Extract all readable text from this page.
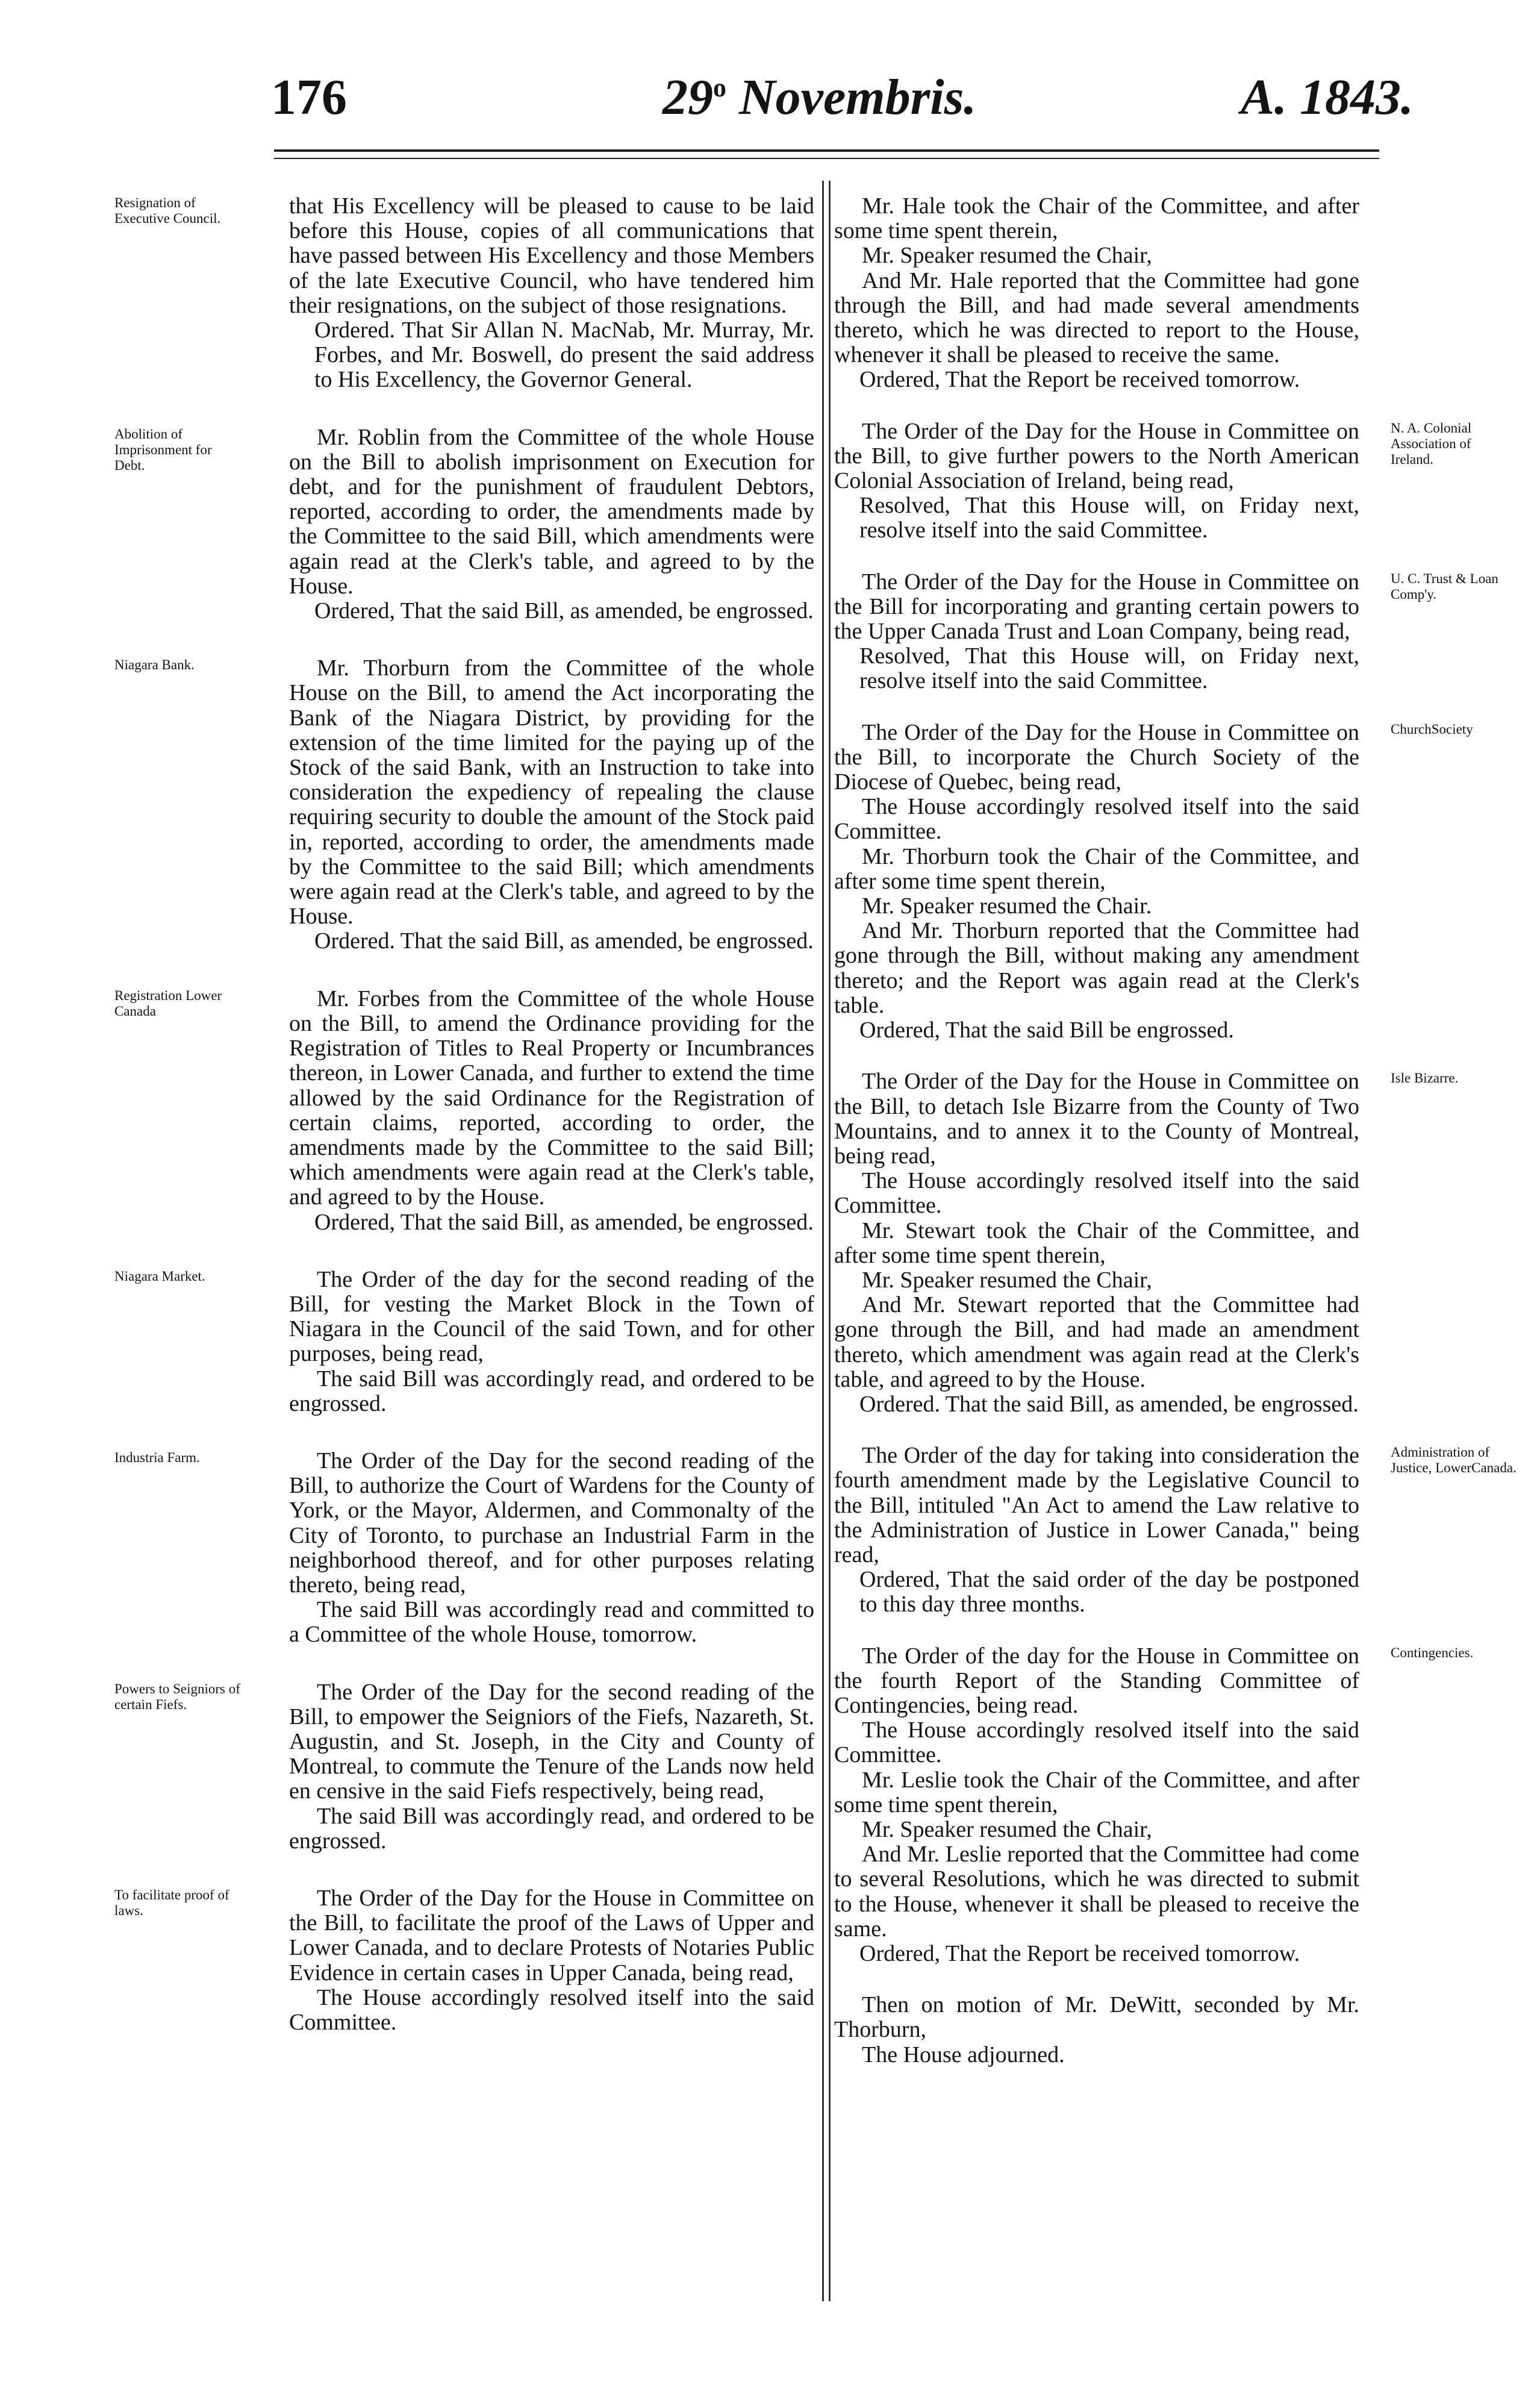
176	29$^o$ Novembris.	A. 1843.
Resignation of Executive Council.	that His Excellency will be pleased to cause to be laid before this House, copies of all communications that have passed between His Excellency and those Members of the late Executive Council, who have tendered him their resignations, on the subject of those resignations.

Ordered. That Sir Allan N. MacNab, Mr. Murray, Mr. Forbes, and Mr. Boswell, do present the said address to His Excellency, the Governor General.

Abolition of Imprisonment for Debt.

Mr. Roblin from the Committee of the whole House on the Bill to abolish imprisonment on Execution for debt, and for the punishment of fraudulent Debtors, reported, according to order, the amendments made by the Committee to the said Bill, which amendments were again read at the Clerk's table, and agreed to by the House.

Ordered, That the said Bill, as amended, be engrossed.

Niagara Bank.	Mr. Thorburn from the Committee of the whole House on the Bill, to amend the Act incorporating the Bank of the Niagara District, by providing for the extension of the time limited for the paying up of the Stock of the said Bank, with an Instruction to take into consideration the expediency of repealing the clause requiring security to double the amount of the Stock paid in, reported, according to order, the amendments made by the Committee to the said Bill; which amendments were again read at the Clerk's table, and agreed to by the House.

Ordered. That the said Bill, as amended, be engrossed.

Registration Lower Canada	Mr. Forbes from the Committee of the whole House on the Bill, to amend the Ordinance providing for the Registration of Titles to Real Property or Incumbrances thereon, in Lower Canada, and further to extend the time allowed by the said Ordinance for the Registration of certain claims, reported, according to order, the amendments made by the Committee to the said Bill; which amendments were again read at the Clerk's table, and agreed to by the House.

Ordered, That the said Bill, as amended, be engrossed.

Niagara Market.	The Order of the day for the second reading of the Bill, for vesting the Market Block in the Town of Niagara in the Council of the said Town, and for other purposes, being read,

The said Bill was accordingly read, and ordered to be engrossed.

Industria Farm.	The Order of the Day for the second reading of the Bill, to authorize the Court of Wardens for the County of York, or the Mayor, Aldermen, and Commonalty of the City of Toronto, to purchase an Industrial Farm in the neighborhood thereof, and for other purposes relating thereto, being read,

The said Bill was accordingly read and committed to a Committee of the whole House, tomorrow.

Powers to Seigniors of certain Fiefs.	The Order of the Day for the second reading of the Bill, to empower the Seigniors of the Fiefs, Nazareth, St. Augustin, and St. Joseph, in the City and County of Montreal, to commute the Tenure of the Lands now held en censive in the said Fiefs respectively, being read,

The said Bill was accordingly read, and ordered to be engrossed.

To facilitate proof of laws.	The Order of the Day for the House in Committee on the Bill, to facilitate the proof of the Laws of Upper and Lower Canada, and to declare Protests of Notaries Public Evidence in certain cases in Upper Canada, being read,

The House accordingly resolved itself into the said Committee.

Mr. Hale took the Chair of the Committee, and after some time spent therein,

Mr. Speaker resumed the Chair,

And Mr. Hale reported that the Committee had gone through the Bill, and had made several amendments thereto, which he was directed to report to the House, whenever it shall be pleased to receive the same.

Ordered, That the Report be received tomorrow.

N. A. Colonial Association of Ireland.

The Order of the Day for the House in Committee on the Bill, to give further powers to the North American Colonial Association of Ireland, being read,

Resolved, That this House will, on Friday next, resolve itself into the said Committee.

U. C. Trust & Loan Comp'y.

The Order of the Day for the House in Committee on the Bill for incorporating and granting certain powers to the Upper Canada Trust and Loan Company, being read,

Resolved, That this House will, on Friday next, resolve itself into the said Committee.

ChurchSociety

The Order of the Day for the House in Committee on the Bill, to incorporate the Church Society of the Diocese of Quebec, being read,

The House accordingly resolved itself into the said Committee.

Mr. Thorburn took the Chair of the Committee, and after some time spent therein,

Mr. Speaker resumed the Chair.

And Mr. Thorburn reported that the Committee had gone through the Bill, without making any amendment thereto; and the Report was again read at the Clerk's table.

Ordered, That the said Bill be engrossed.

Isle Bizarre.

The Order of the Day for the House in Committee on the Bill, to detach Isle Bizarre from the County of Two Mountains, and to annex it to the County of Montreal, being read,

The House accordingly resolved itself into the said Committee.

Mr. Stewart took the Chair of the Committee, and after some time spent therein,

Mr. Speaker resumed the Chair,

And Mr. Stewart reported that the Committee had gone through the Bill, and had made an amendment thereto, which amendment was again read at the Clerk's table, and agreed to by the House.

Ordered. That the said Bill, as amended, be engrossed.

Administration of Justice, LowerCanada.

The Order of the day for taking into consideration the fourth amendment made by the Legislative Council to the Bill, intituled "An Act to amend the Law relative to the Administration of Justice in Lower Canada," being read,

Ordered, That the said order of the day be postponed to this day three months.

Contingencies.

The Order of the day for the House in Committee on the fourth Report of the Standing Committee of Contingencies, being read.

The House accordingly resolved itself into the said Committee.

Mr. Leslie took the Chair of the Committee, and after some time spent therein,

Mr. Speaker resumed the Chair,

And Mr. Leslie reported that the Committee had come to several Resolutions, which he was directed to submit to the House, whenever it shall be pleased to receive the same.

Ordered, That the Report be received tomorrow.

Then on motion of Mr. DeWitt, seconded by Mr. Thorburn,

The House adjourned.
